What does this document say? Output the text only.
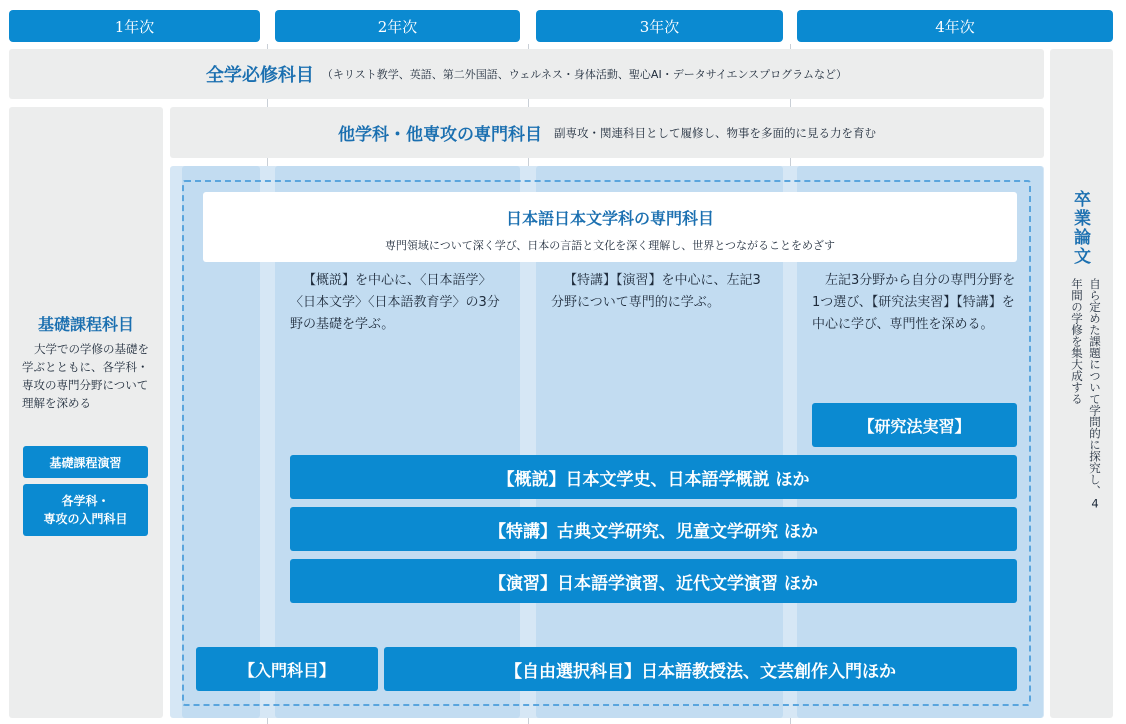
1年次	2年次	3年次	4年次
全学必修科目 （キリスト教学、英語、第二外国語、ウェルネス・身体活動、聖心AI・データサイエンスプログラムなど）
卒業論文
自ら定めた課題について学問的に探究し、4年間の学修を集大成する
基礎課程科目
大学での学修の基礎を学ぶとともに、各学科・専攻の専門分野について理解を深める
基礎課程演習
各学科・
専攻の入門科目
他学科・他専攻の専門科目 副専攻・関連科目として履修し、物事を多面的に見る力を育む
日本語日本文学科の専門科目
専門領域について深く学び、日本の言語と文化を深く理解し、世界とつながることをめざす
【概説】を中心に、〈日本語学〉〈日本文学〉〈日本語教育学〉の3分野の基礎を学ぶ。
【特講】【演習】を中心に、左記3分野について専門的に学ぶ。
左記3分野から自分の専門分野を1つ選び、【研究法実習】【特講】を中心に学び、専門性を深める。
【研究法実習】
【概説】日本文学史、日本語学概説 ほか
【特講】古典文学研究、児童文学研究 ほか
【演習】日本語学演習、近代文学演習 ほか
【入門科目】	【自由選択科目】日本語教授法、文芸創作入門ほか
